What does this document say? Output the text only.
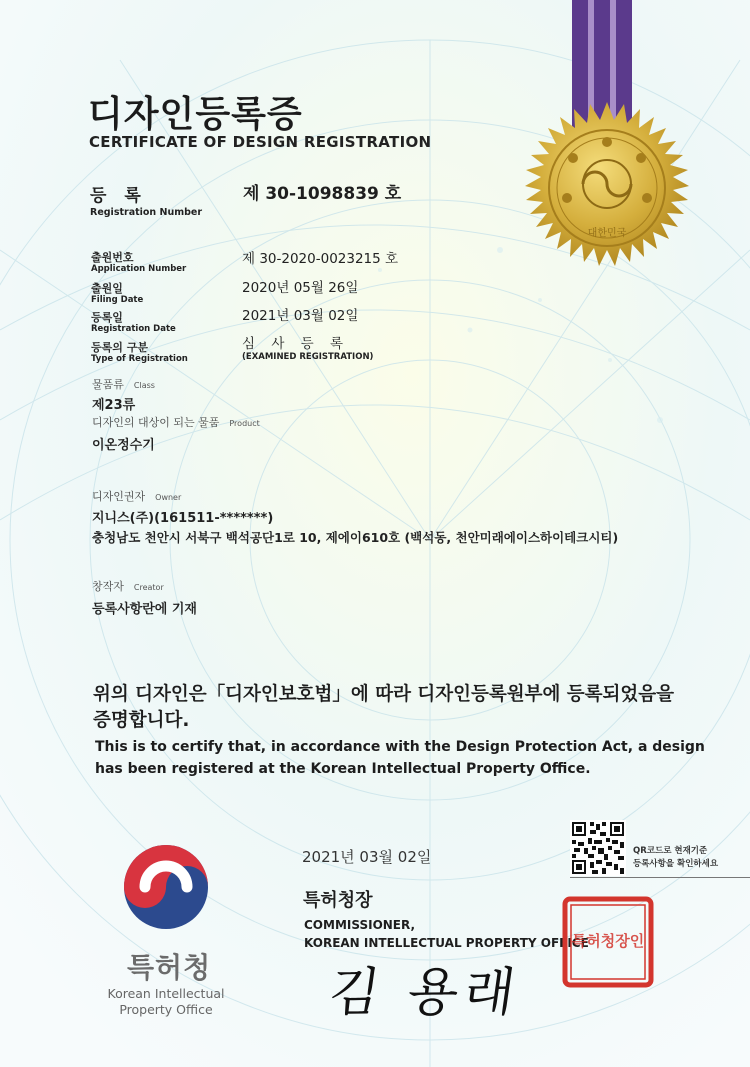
대한민국
디자인등록증
CERTIFICATE OF DESIGN REGISTRATION
등 록
Registration Number
제 30-1098839 호
출원번호
Application Number
제 30-2020-0023215 호
출원일
Filing Date
2020년 05월 26일
등록일
Registration Date
2021년 03월 02일
등록의 구분
Type of Registration
심 사 등 록
(EXAMINED REGISTRATION)
물품류 Class
제23류
디자인의 대상이 되는 물품 Product
이온정수기
디자인권자 Owner
지니스(주)(161511-*******)
충청남도 천안시 서북구 백석공단1로 10, 제에이610호 (백석동, 천안미래에이스하이테크시티)
창작자 Creator
등록사항란에 기재
위의 디자인은「디자인보호법」에 따라 디자인등록원부에 등록되었음을
증명합니다.
This is to certify that, in accordance with the Design Protection Act, a design
has been registered at the Korean Intellectual Property Office.
QR코드로 현재기준
등록사항을 확인하세요
2021년 03월 02일
특허청장
COMMISSIONER,
KOREAN INTELLECTUAL PROPERTY OFFICE
김 용래
특허청장인
특허청
Korean Intellectual
Property Office
